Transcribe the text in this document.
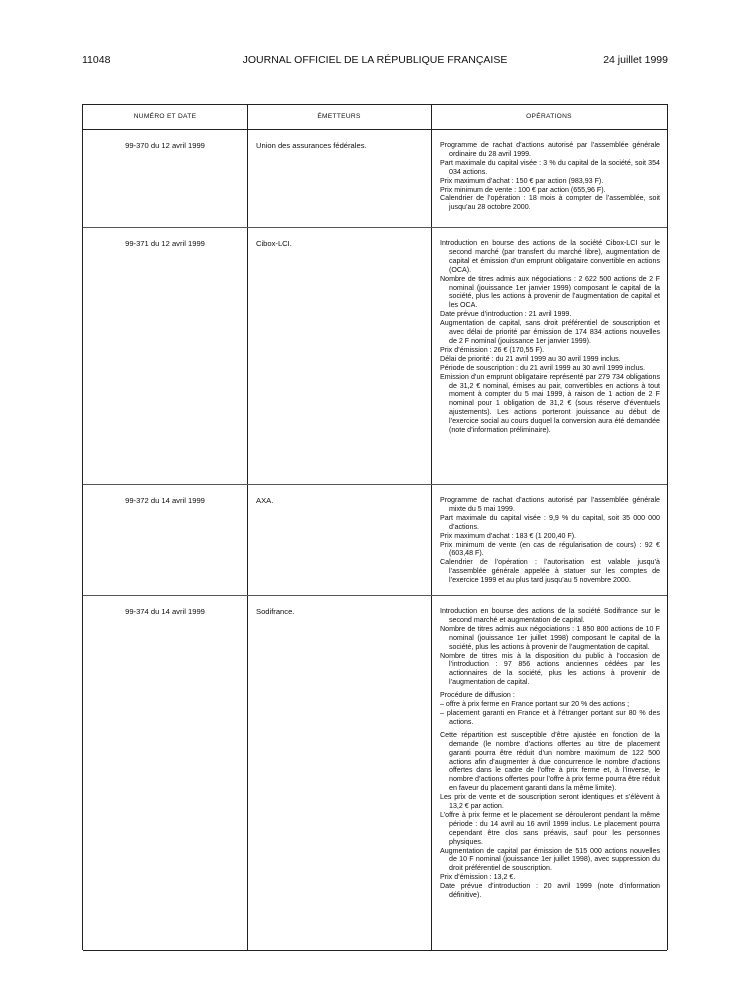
11048	JOURNAL OFFICIEL DE LA RÉPUBLIQUE FRANÇAISE	24 juillet 1999
NUMÉRO ET DATE	ÉMETTEURS	OPÉRATIONS
99-370 du 12 avril 1999	Union des assurances fédérales.	Programme de rachat d’actions autorisé par l’assemblée générale ordinaire du 28 avril 1999.

Part maximale du capital visée : 3 % du capital de la société, soit 354 034 actions.

Prix maximum d’achat : 150 € par action (983,93 F).

Prix minimum de vente : 100 € par action (655,96 F).

Calendrier de l’opération : 18 mois à compter de l’assemblée, soit jusqu’au 28 octobre 2000.

99-371 du 12 avril 1999	Cibox-LCI.	Introduction en bourse des actions de la société Cibox-LCI sur le second marché (par transfert du marché libre), augmentation de capital et émission d’un emprunt obligataire convertible en actions (OCA).

Nombre de titres admis aux négociations : 2 622 500 actions de 2 F nominal (jouissance 1er janvier 1999) composant le capital de la société, plus les actions à provenir de l’augmentation de capital et les OCA.

Date prévue d’introduction : 21 avril 1999.

Augmentation de capital, sans droit préférentiel de souscription et avec délai de priorité par émission de 174 834 actions nouvelles de 2 F nominal (jouissance 1er janvier 1999).

Prix d’émission : 26 € (170,55 F).

Délai de priorité : du 21 avril 1999 au 30 avril 1999 inclus.

Période de souscription : du 21 avril 1999 au 30 avril 1999 inclus.

Emission d’un emprunt obligataire représenté par 279 734 obligations de 31,2 € nominal, émises au pair, convertibles en actions à tout moment à compter du 5 mai 1999, à raison de 1 action de 2 F nominal pour 1 obligation de 31,2 € (sous réserve d’éventuels ajustements). Les actions porteront jouissance au début de l’exercice social au cours duquel la conversion aura été demandée (note d’information préliminaire).

99-372 du 14 avril 1999	AXA.	Programme de rachat d’actions autorisé par l’assemblée générale mixte du 5 mai 1999.

Part maximale du capital visée : 9,9 % du capital, soit 35 000 000 d’actions.

Prix maximum d’achat : 183 € (1 200,40 F).

Prix minimum de vente (en cas de régularisation de cours) : 92 € (603,48 F).

Calendrier de l’opération : l’autorisation est valable jusqu’à l’assemblée générale appelée à statuer sur les comptes de l’exercice 1999 et au plus tard jusqu’au 5 novembre 2000.

99-374 du 14 avril 1999	Sodifrance.	Introduction en bourse des actions de la société Sodifrance sur le second marché et augmentation de capital.

Nombre de titres admis aux négociations : 1 850 800 actions de 10 F nominal (jouissance 1er juillet 1998) composant le capital de la société, plus les actions à provenir de l’augmentation de capital.

Nombre de titres mis à la disposition du public à l’occasion de l’introduction : 97 856 actions anciennes cédées par les actionnaires de la société, plus les actions à provenir de l’augmentation de capital.

Procédure de diffusion :

– offre à prix ferme en France portant sur 20 % des actions ;

– placement garanti en France et à l’étranger portant sur 80 % des actions.

Cette répartition est susceptible d’être ajustée en fonction de la demande (le nombre d’actions offertes au titre de placement garanti pourra être réduit d’un nombre maximum de 122 500 actions afin d’augmenter à due concurrence le nombre d’actions offertes dans le cadre de l’offre à prix ferme et, à l’inverse, le nombre d’actions offertes pour l’offre à prix ferme pourra être réduit en faveur du placement garanti dans la même limite).

Les prix de vente et de souscription seront identiques et s’élèvent à 13,2 € par action.

L’offre à prix ferme et le placement se dérouleront pendant la même période : du 14 avril au 16 avril 1999 inclus. Le placement pourra cependant être clos sans préavis, sauf pour les personnes physiques.

Augmentation de capital par émission de 515 000 actions nouvelles de 10 F nominal (jouissance 1er juillet 1998), avec suppression du droit préférentiel de souscription.

Prix d’émission : 13,2 €.

Date prévue d’introduction : 20 avril 1999 (note d’information définitive).
